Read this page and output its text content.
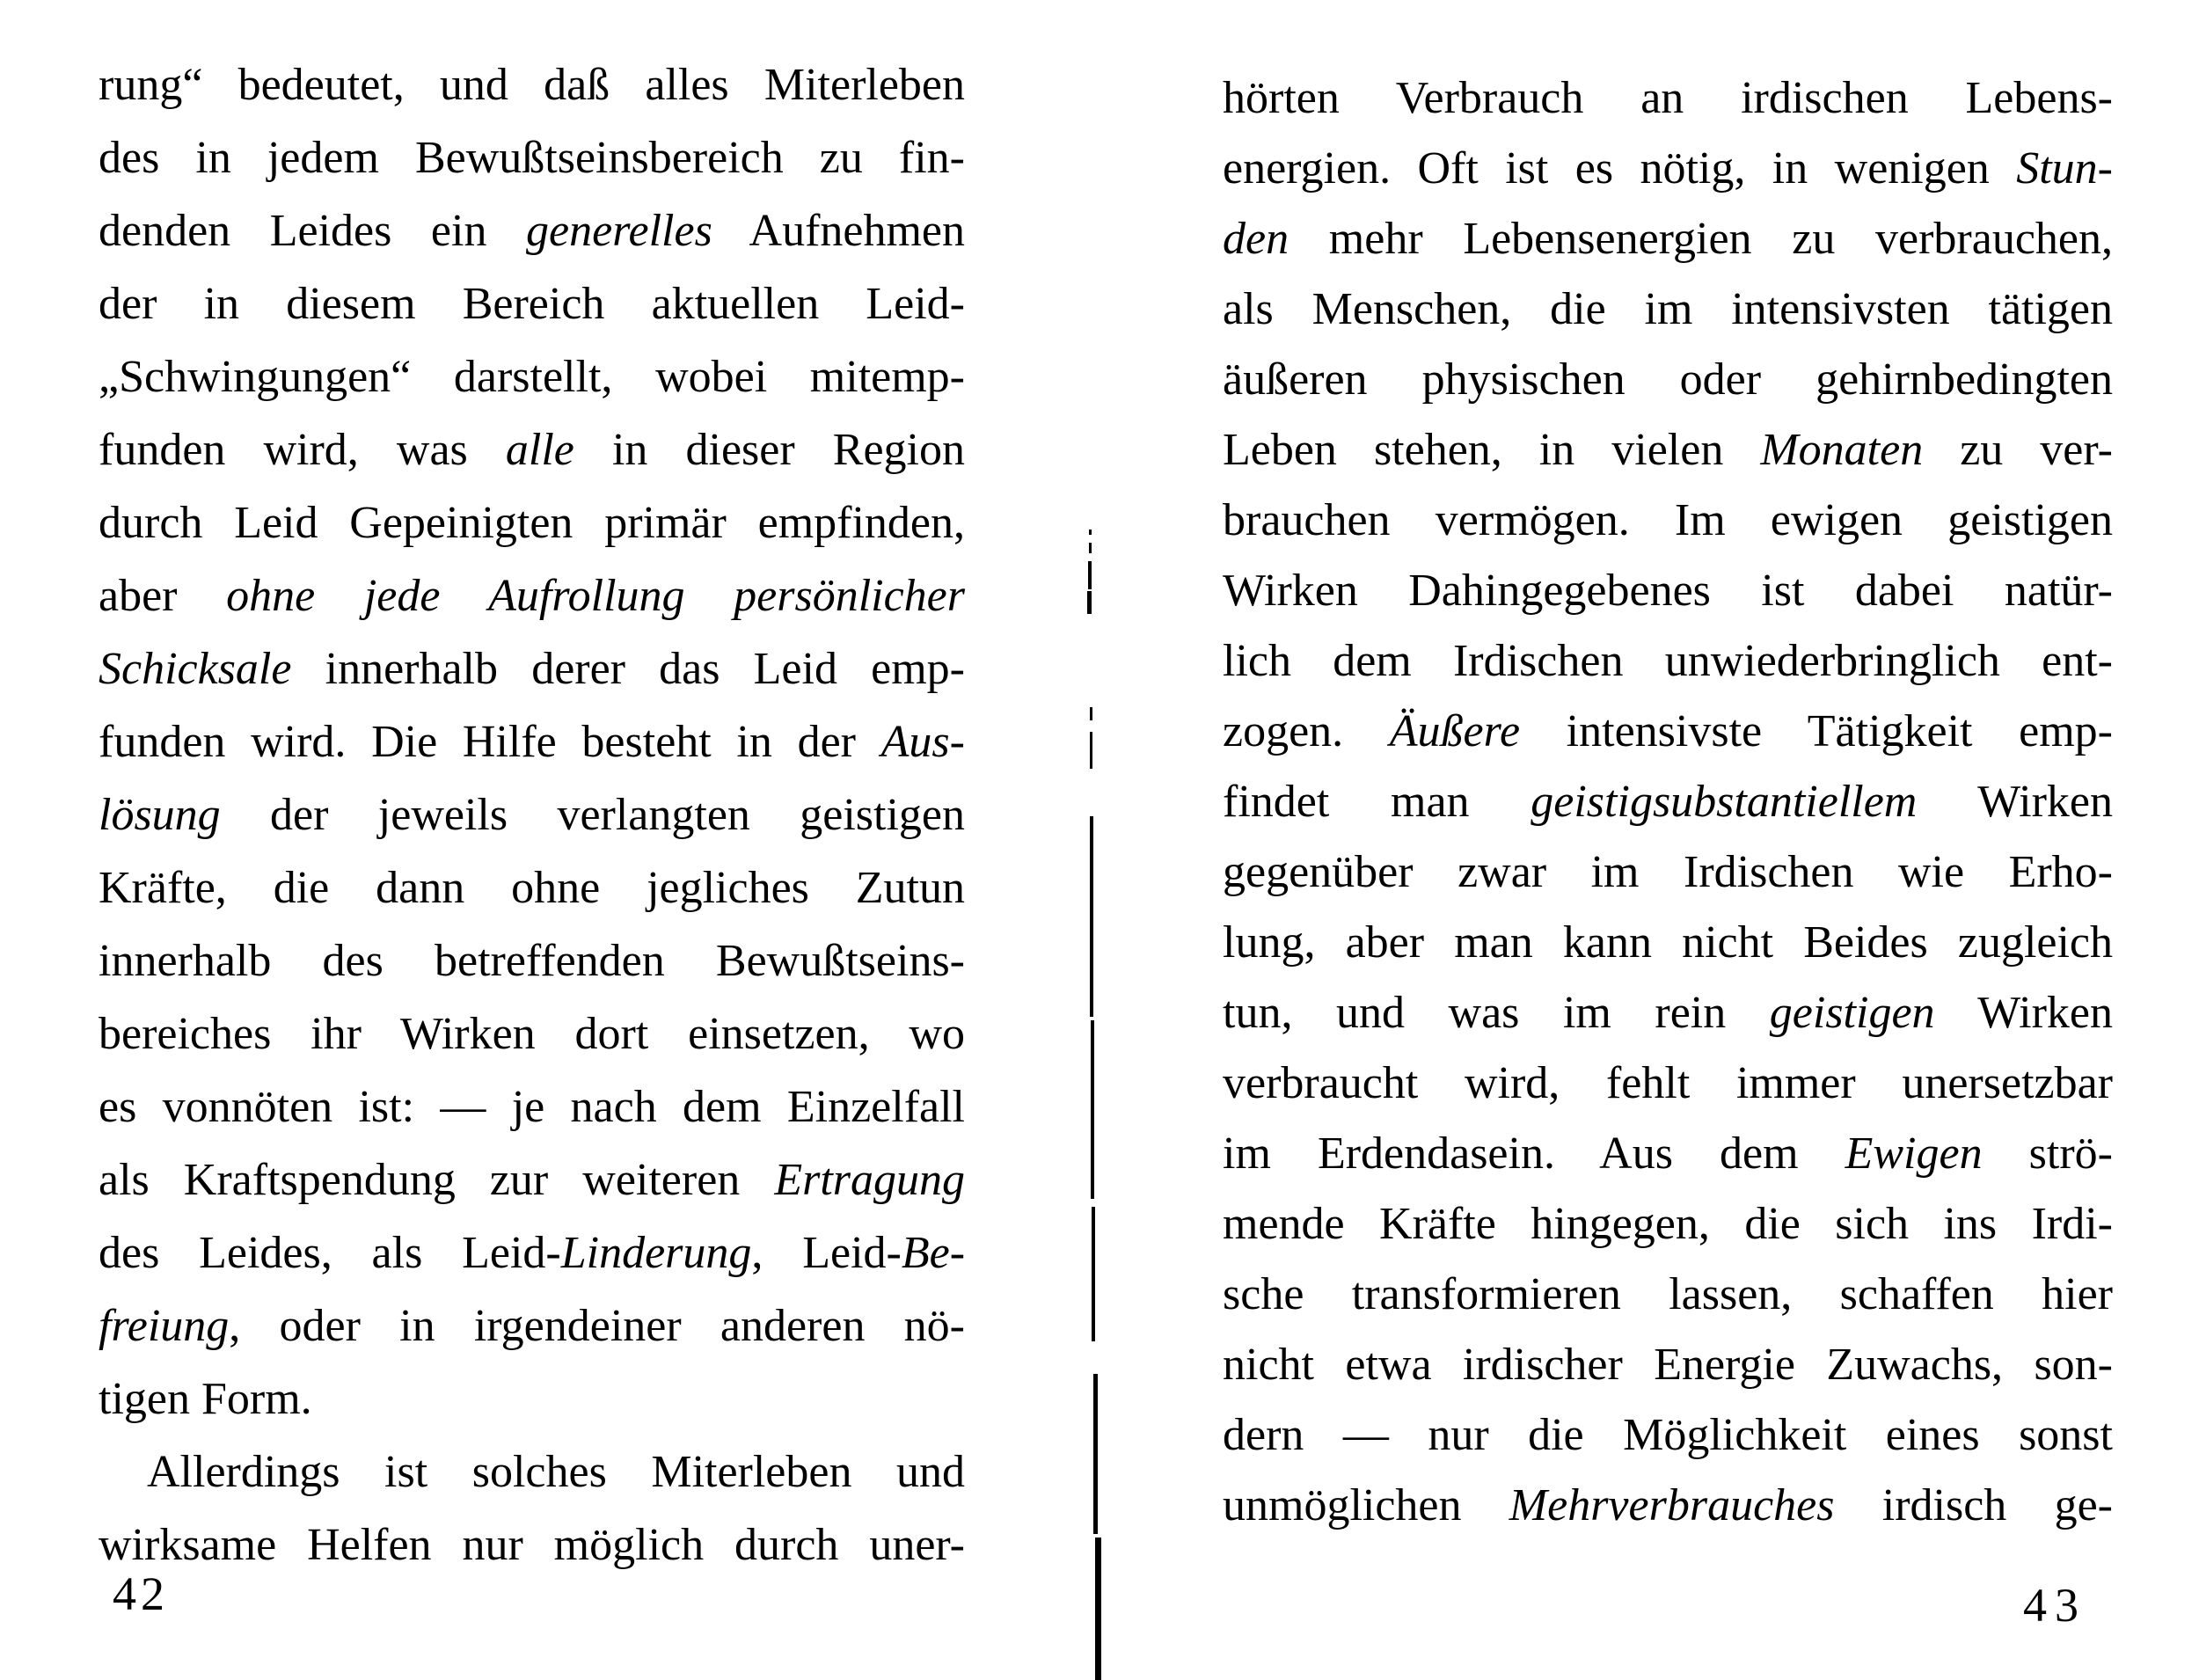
rung“ bedeutet, und daß alles Miterleben
des in jedem Bewußtseinsbereich zu fin-
denden Leides ein generelles Aufnehmen
der in diesem Bereich aktuellen Leid-
„Schwingungen“ darstellt, wobei mitemp-
funden wird, was alle in dieser Region
durch Leid Gepeinigten primär empfinden,
aber ohne jede Aufrollung persönlicher
Schicksale innerhalb derer das Leid emp-
funden wird. Die Hilfe besteht in der Aus-
lösung der jeweils verlangten geistigen
Kräfte, die dann ohne jegliches Zutun
innerhalb des betreffenden Bewußtseins-
bereiches ihr Wirken dort einsetzen, wo
es vonnöten ist: — je nach dem Einzelfall
als Kraftspendung zur weiteren Ertragung
des Leides, als Leid-Linderung, Leid-Be-
freiung, oder in irgendeiner anderen nö-
tigen Form.
Allerdings ist solches Miterleben und
wirksame Helfen nur möglich durch uner-
42
hörten Verbrauch an irdischen Lebens-
energien. Oft ist es nötig, in wenigen Stun-
den mehr Lebensenergien zu verbrauchen,
als Menschen, die im intensivsten tätigen
äußeren physischen oder gehirnbedingten
Leben stehen, in vielen Monaten zu ver-
brauchen vermögen. Im ewigen geistigen
Wirken Dahingegebenes ist dabei natür-
lich dem Irdischen unwiederbringlich ent-
zogen. Äußere intensivste Tätigkeit emp-
findet man geistigsubstantiellem Wirken
gegenüber zwar im Irdischen wie Erho-
lung, aber man kann nicht Beides zugleich
tun, und was im rein geistigen Wirken
verbraucht wird, fehlt immer unersetzbar
im Erdendasein. Aus dem Ewigen strö-
mende Kräfte hingegen, die sich ins Irdi-
sche transformieren lassen, schaffen hier
nicht etwa irdischer Energie Zuwachs, son-
dern — nur die Möglichkeit eines sonst
unmöglichen Mehrverbrauches irdisch ge-
43
